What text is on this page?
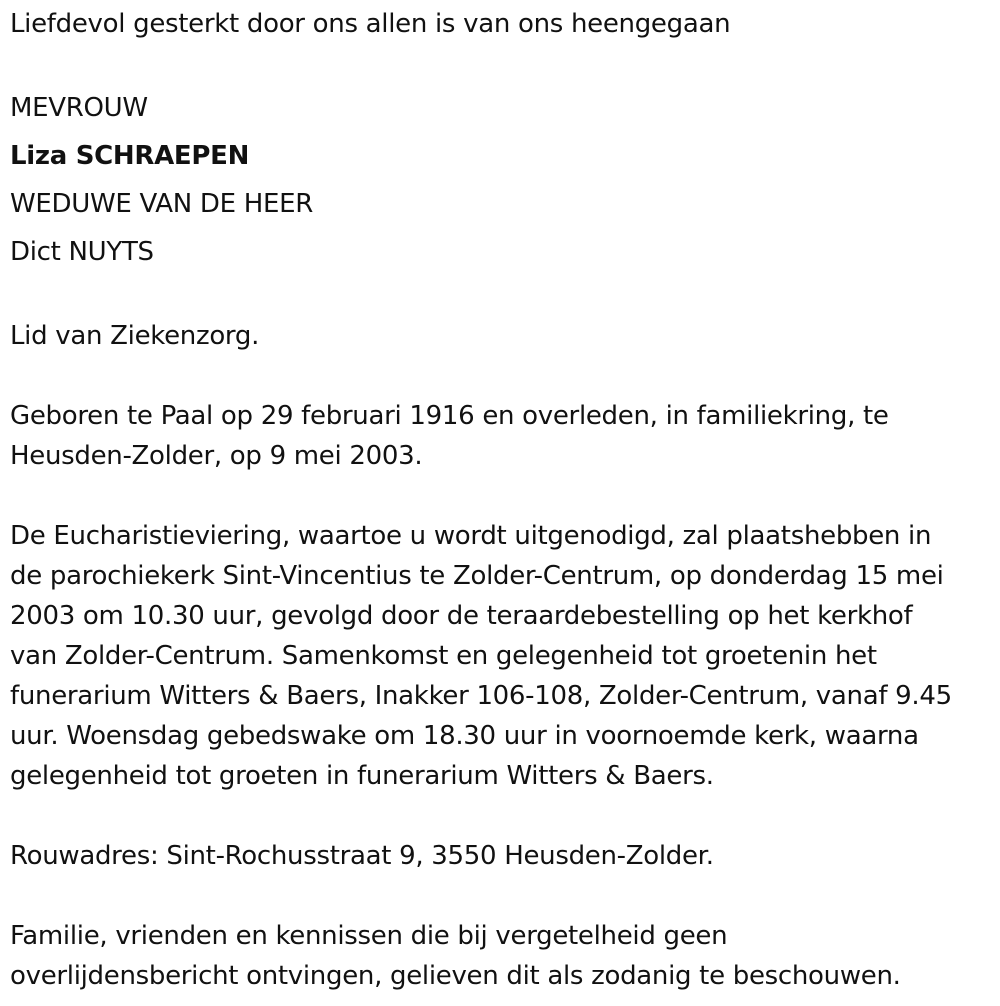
Liefdevol gesterkt door ons allen is van ons heengegaan

MEVROUW

Liza SCHRAEPEN

WEDUWE VAN DE HEER

Dict NUYTS

Lid van Ziekenzorg.

Geboren te Paal op 29 februari 1916 en overleden, in familiekring, te

Heusden-Zolder, op 9 mei 2003.

De Eucharistieviering, waartoe u wordt uitgenodigd, zal plaatshebben in

de parochiekerk Sint-Vincentius te Zolder-Centrum, op donderdag 15 mei

2003 om 10.30 uur, gevolgd door de teraardebestelling op het kerkhof

van Zolder-Centrum. Samenkomst en gelegenheid tot groetenin het

funerarium Witters & Baers, Inakker 106-108, Zolder-Centrum, vanaf 9.45

uur. Woensdag gebedswake om 18.30 uur in voornoemde kerk, waarna

gelegenheid tot groeten in funerarium Witters & Baers.

Rouwadres: Sint-Rochusstraat 9, 3550 Heusden-Zolder.

Familie, vrienden en kennissen die bij vergetelheid geen

overlijdensbericht ontvingen, gelieven dit als zodanig te beschouwen.
